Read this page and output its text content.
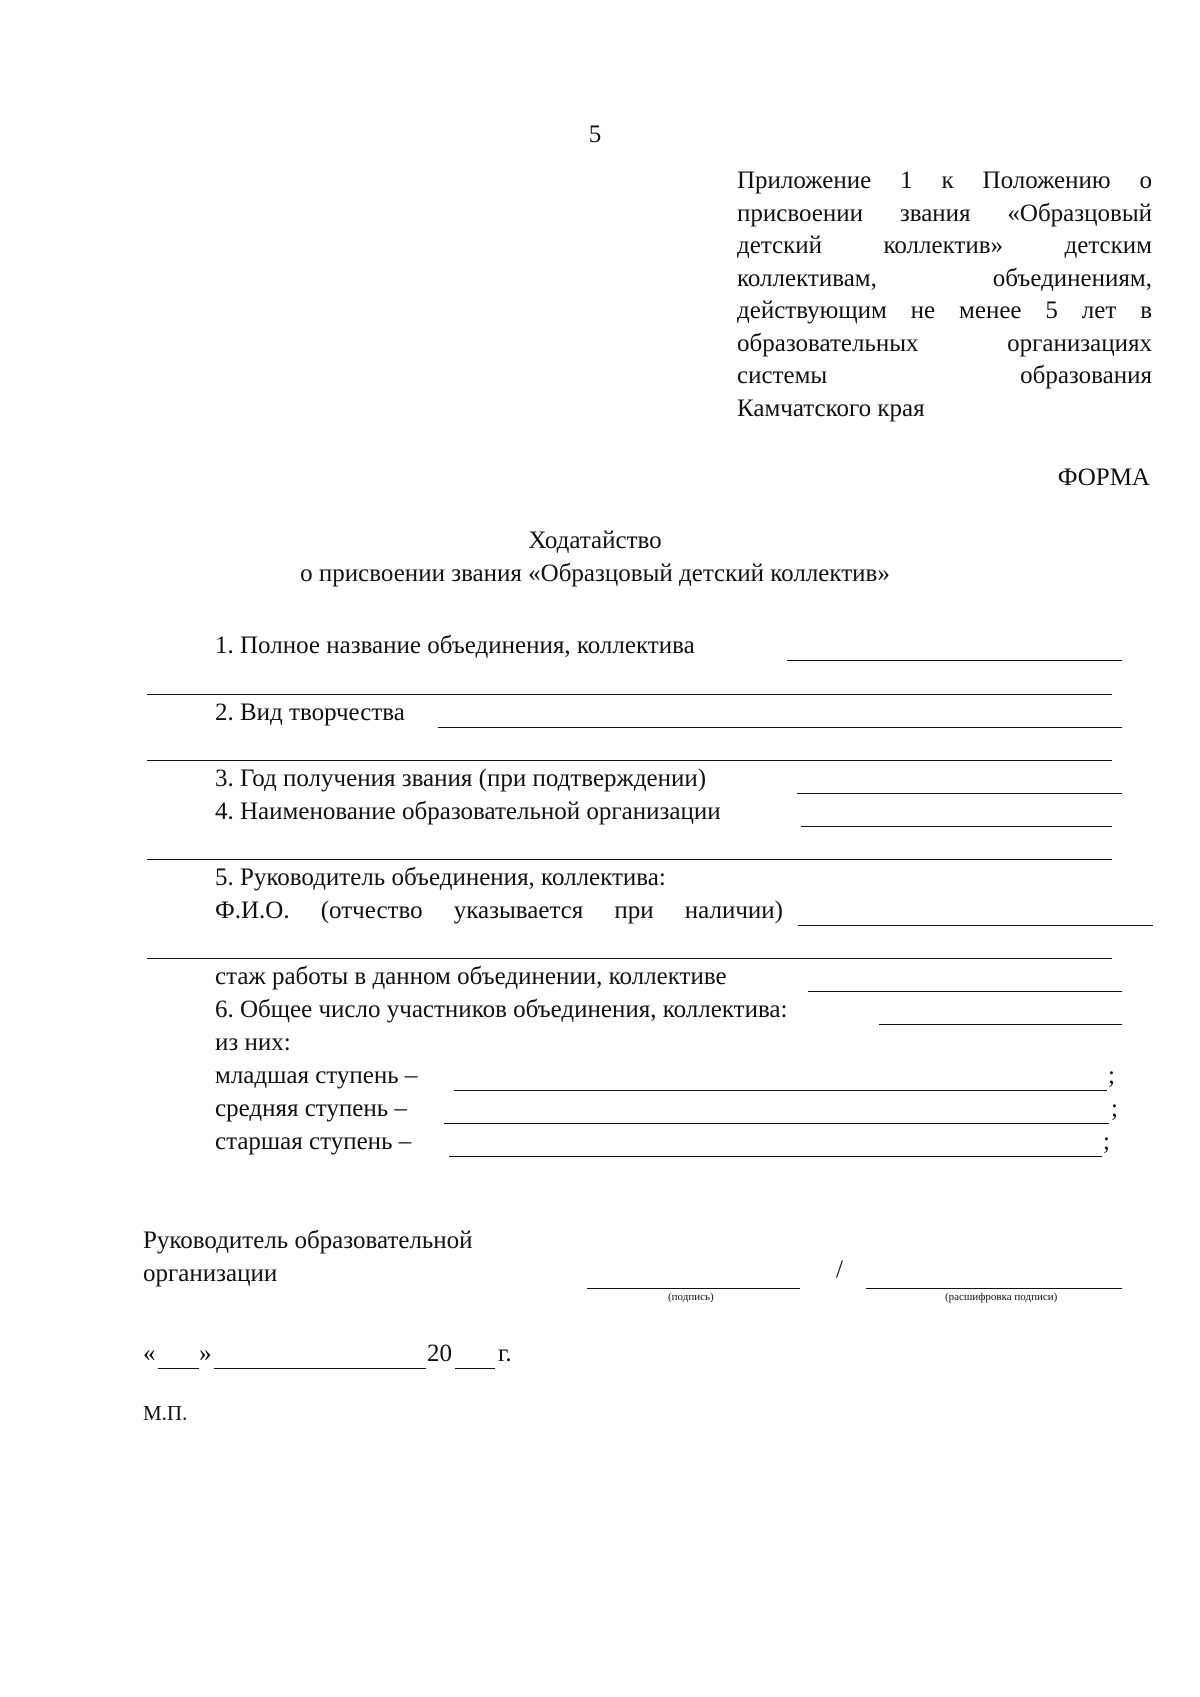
5
Приложение 1 к Положению о
присвоении звания «Образцовый
детский коллектив» детским
коллективам, объединениям,
действующим не менее 5 лет в
образовательных организациях
системы образования
Камчатского края
ФОРМА
Ходатайство
о присвоении звания «Образцовый детский коллектив»
1. Полное название объединения, коллектива
2. Вид творчества
3. Год получения звания (при подтверждении)
4. Наименование образовательной организации
5. Руководитель объединения, коллектива:
Ф.И.О. (отчество указывается при наличии)
стаж работы в данном объединении, коллективе
6. Общее число участников объединения, коллектива:
из них:
младшая ступень –	;
средняя ступень –	;
старшая ступень –	;
Руководитель образовательной
организации	/
(подпись)	(расшифровка подписи)
« »	20 г.
М.П.
